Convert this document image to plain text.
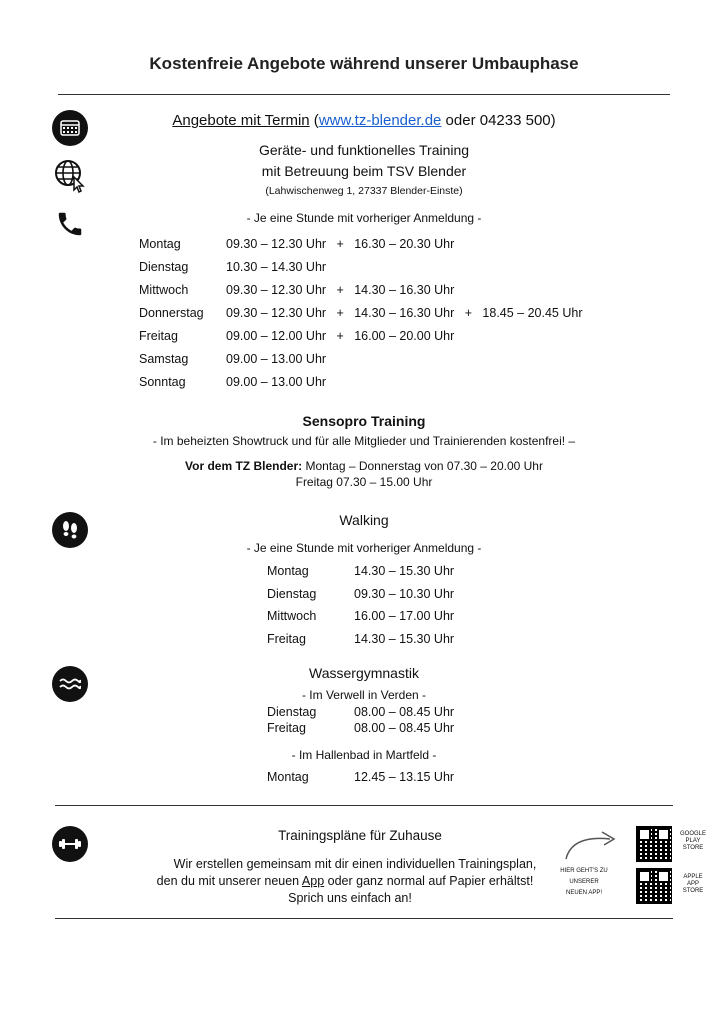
Kostenfreie Angebote während unserer Umbauphase
Angebote mit Termin (www.tz-blender.de oder 04233 500)
Geräte- und funktionelles Training
mit Betreuung beim TSV Blender
(Lahwischenweg 1, 27337 Blender-Einste)
- Je eine Stunde mit vorheriger Anmeldung -
Montag	09.30 – 12.30 Uhr   +   16.30 – 20.30 Uhr
Dienstag	10.30 – 14.30 Uhr
Mittwoch	09.30 – 12.30 Uhr   +   14.30 – 16.30 Uhr
Donnerstag 09.30 – 12.30 Uhr   +   14.30 – 16.30 Uhr   +   18.45 – 20.45 Uhr
Freitag	09.00 – 12.00 Uhr   +   16.00 – 20.00 Uhr
Samstag	09.00 – 13.00 Uhr
Sonntag	09.00 – 13.00 Uhr
Sensopro Training
- Im beheizten Showtruck und für alle Mitglieder und Trainierenden kostenfrei! –
Vor dem TZ Blender: Montag – Donnerstag von 07.30 – 20.00 Uhr
Freitag 07.30 – 15.00 Uhr
Walking
- Je eine Stunde mit vorheriger Anmeldung -
Montag	14.30 – 15.30 Uhr
Dienstag	09.30 – 10.30 Uhr
Mittwoch	16.00 – 17.00 Uhr
Freitag	14.30 – 15.30 Uhr
Wassergymnastik
- Im Verwell in Verden -
Dienstag	08.00 – 08.45 Uhr
Freitag	08.00 – 08.45 Uhr
- Im Hallenbad in Martfeld -
Montag	12.45 – 13.15 Uhr
Trainingspläne für Zuhause
Wir erstellen gemeinsam mit dir einen individuellen Trainingsplan,
den du mit unserer neuen App oder ganz normal auf Papier erhältst!
Sprich uns einfach an!
HIER GEHT'S ZU
UNSERER
NEUEN APP!
GOOGLE
PLAY
STORE
APPLE
APP
STORE
